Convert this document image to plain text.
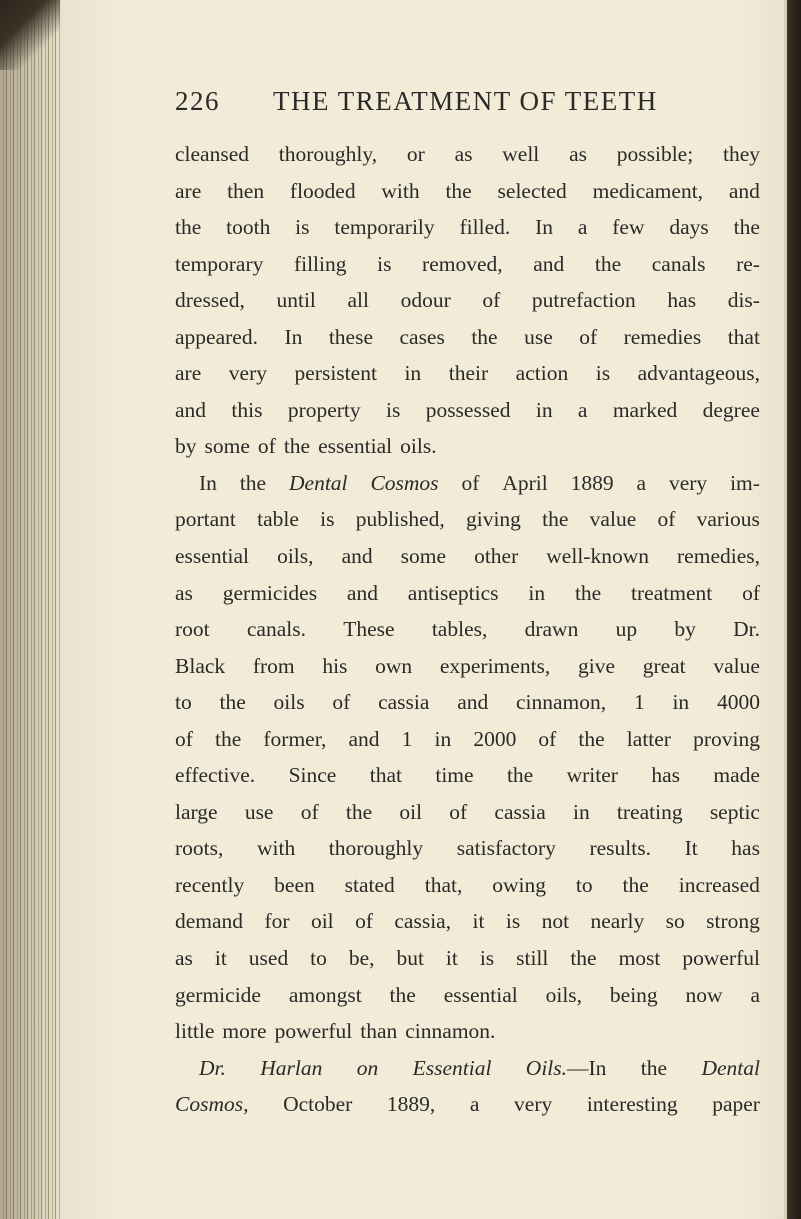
226 THE TREATMENT OF TEETH
cleansed thoroughly, or as well as possible; they
are then flooded with the selected medicament, and
the tooth is temporarily filled. In a few days the
temporary filling is removed, and the canals re-
dressed, until all odour of putrefaction has dis-
appeared. In these cases the use of remedies that
are very persistent in their action is advantageous,
and this property is possessed in a marked degree
by some of the essential oils.
In the Dental Cosmos of April 1889 a very im-
portant table is published, giving the value of various
essential oils, and some other well-known remedies,
as germicides and antiseptics in the treatment of
root canals. These tables, drawn up by Dr.
Black from his own experiments, give great value
to the oils of cassia and cinnamon, 1 in 4000
of the former, and 1 in 2000 of the latter proving
effective. Since that time the writer has made
large use of the oil of cassia in treating septic
roots, with thoroughly satisfactory results. It has
recently been stated that, owing to the increased
demand for oil of cassia, it is not nearly so strong
as it used to be, but it is still the most powerful
germicide amongst the essential oils, being now a
little more powerful than cinnamon.
Dr. Harlan on Essential Oils.—In the Dental
Cosmos, October 1889, a very interesting paper
